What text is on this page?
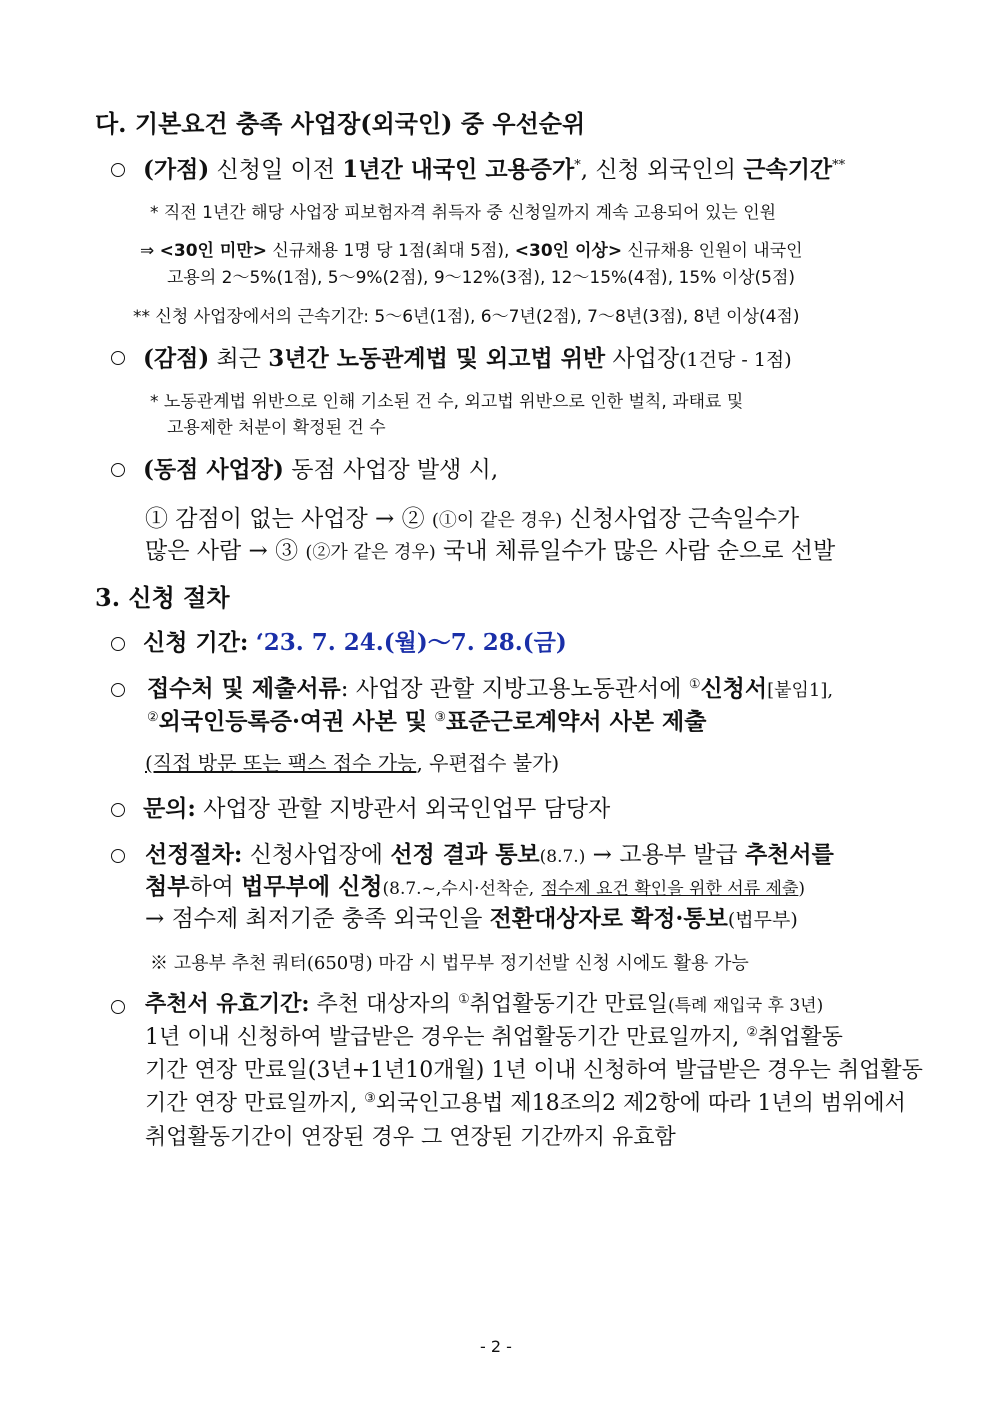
다. 기본요건 충족 사업장(외국인) 중 우선순위
(가점) 신청일 이전 1년간 내국인 고용증가*, 신청 외국인의 근속기간**
* 직전 1년간 해당 사업장 피보험자격 취득자 중 신청일까지 계속 고용되어 있는 인원
⇒ <30인 미만> 신규채용 1명 당 1점(최대 5점), <30인 이상> 신규채용 인원이 내국인
고용의 2～5%(1점), 5～9%(2점), 9～12%(3점), 12～15%(4점), 15% 이상(5점)
** 신청 사업장에서의 근속기간: 5～6년(1점), 6～7년(2점), 7～8년(3점), 8년 이상(4점)
(감점) 최근 3년간 노동관계법 및 외고법 위반 사업장(1건당 - 1점)
* 노동관계법 위반으로 인해 기소된 건 수, 외고법 위반으로 인한 벌칙, 과태료 및
고용제한 처분이 확정된 건 수
(동점 사업장) 동점 사업장 발생 시,
① 감점이 없는 사업장 → ② (①이 같은 경우) 신청사업장 근속일수가
많은 사람 → ③ (②가 같은 경우) 국내 체류일수가 많은 사람 순으로 선발
3. 신청 절차
신청 기간: ‘23. 7. 24.(월)～7. 28.(금)
접수처 및 제출서류: 사업장 관할 지방고용노동관서에 ①신청서[붙임1],
②외국인등록증·여권 사본 및 ③표준근로계약서 사본 제출
(직접 방문 또는 팩스 접수 가능, 우편접수 불가)
문의: 사업장 관할 지방관서 외국인업무 담당자
선정절차: 신청사업장에 선정 결과 통보(8.7.) → 고용부 발급 추천서를
첨부하여 법무부에 신청(8.7.~,수시·선착순, 점수제 요건 확인을 위한 서류 제출)
→ 점수제 최저기준 충족 외국인을 전환대상자로 확정·통보(법무부)
※ 고용부 추천 쿼터(650명) 마감 시 법무부 정기선발 신청 시에도 활용 가능
추천서 유효기간: 추천 대상자의 ①취업활동기간 만료일(특례 재입국 후 3년)
1년 이내 신청하여 발급받은 경우는 취업활동기간 만료일까지, ②취업활동
기간 연장 만료일(3년+1년10개월) 1년 이내 신청하여 발급받은 경우는 취업활동
기간 연장 만료일까지, ③외국인고용법 제18조의2 제2항에 따라 1년의 범위에서
취업활동기간이 연장된 경우 그 연장된 기간까지 유효함
- 2 -
